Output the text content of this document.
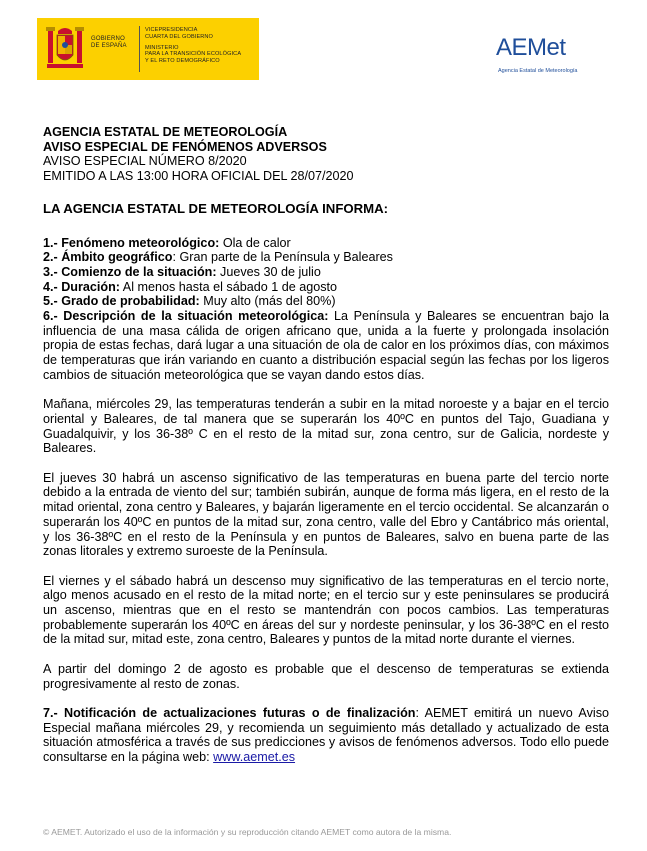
GOBIERNO
DE ESPAÑA
VICEPRESIDENCIA
CUARTA DEL GOBIERNO
MINISTERIO
PARA LA TRANSICIÓN ECOLÓGICA
Y EL RETO DEMOGRÁFICO
AEMet
Agencia Estatal de Meteorología
AGENCIA ESTATAL DE METEOROLOGÍA
AVISO ESPECIAL DE FENÓMENOS ADVERSOS
AVISO ESPECIAL NÚMERO 8/2020
EMITIDO A LAS 13:00 HORA OFICIAL DEL 28/07/2020
LA AGENCIA ESTATAL DE METEOROLOGÍA INFORMA:

1.- Fenómeno meteorológico: Ola de calor

2.- Ámbito geográfico: Gran parte de la Península y Baleares

3.- Comienzo de la situación: Jueves 30 de julio

4.- Duración: Al menos hasta el sábado 1 de agosto

5.- Grado de probabilidad: Muy alto (más del 80%)

6.- Descripción de la situación meteorológica: La Península y Baleares se encuentran bajo la influencia de una masa cálida de origen africano que, unida a la fuerte y prolongada insolación propia de estas fechas, dará lugar a una situación de ola de calor en los próximos días, con máximos de temperaturas que irán variando en cuanto a distribución espacial según las fechas por los ligeros cambios de situación meteorológica que se vayan dando estos días.

Mañana, miércoles 29, las temperaturas tenderán a subir en la mitad noroeste y a bajar en el tercio oriental y Baleares, de tal manera que se superarán los 40ºC en puntos del Tajo, Guadiana y Guadalquivir, y los 36-38º C en el resto de la mitad sur, zona centro, sur de Galicia, nordeste y Baleares.

El jueves 30 habrá un ascenso significativo de las temperaturas en buena parte del tercio norte debido a la entrada de viento del sur; también subirán, aunque de forma más ligera, en el resto de la mitad oriental, zona centro y Baleares, y bajarán ligeramente en el tercio occidental. Se alcanzarán o superarán los 40ºC en puntos de la mitad sur, zona centro, valle del Ebro y Cantábrico más oriental, y los 36-38ºC en el resto de la Península y en puntos de Baleares, salvo en buena parte de las zonas litorales y extremo suroeste de la Península.

El viernes y el sábado habrá un descenso muy significativo de las temperaturas en el tercio norte, algo menos acusado en el resto de la mitad norte; en el tercio sur y este peninsulares se producirá un ascenso, mientras que en el resto se mantendrán con pocos cambios. Las temperaturas probablemente superarán los 40ºC en áreas del sur y nordeste peninsular, y los 36-38ºC en el resto de la mitad sur, mitad este, zona centro, Baleares y puntos de la mitad norte durante el viernes.

A partir del domingo 2 de agosto es probable que el descenso de temperaturas se extienda progresivamente al resto de zonas.

7.- Notificación de actualizaciones futuras o de finalización: AEMET emitirá un nuevo Aviso Especial mañana miércoles 29, y recomienda un seguimiento más detallado y actualizado de esta situación atmosférica a través de sus predicciones y avisos de fenómenos adversos. Todo ello puede consultarse en la página web: www.aemet.es

© AEMET. Autorizado el uso de la información y su reproducción citando AEMET como autora de la misma.
